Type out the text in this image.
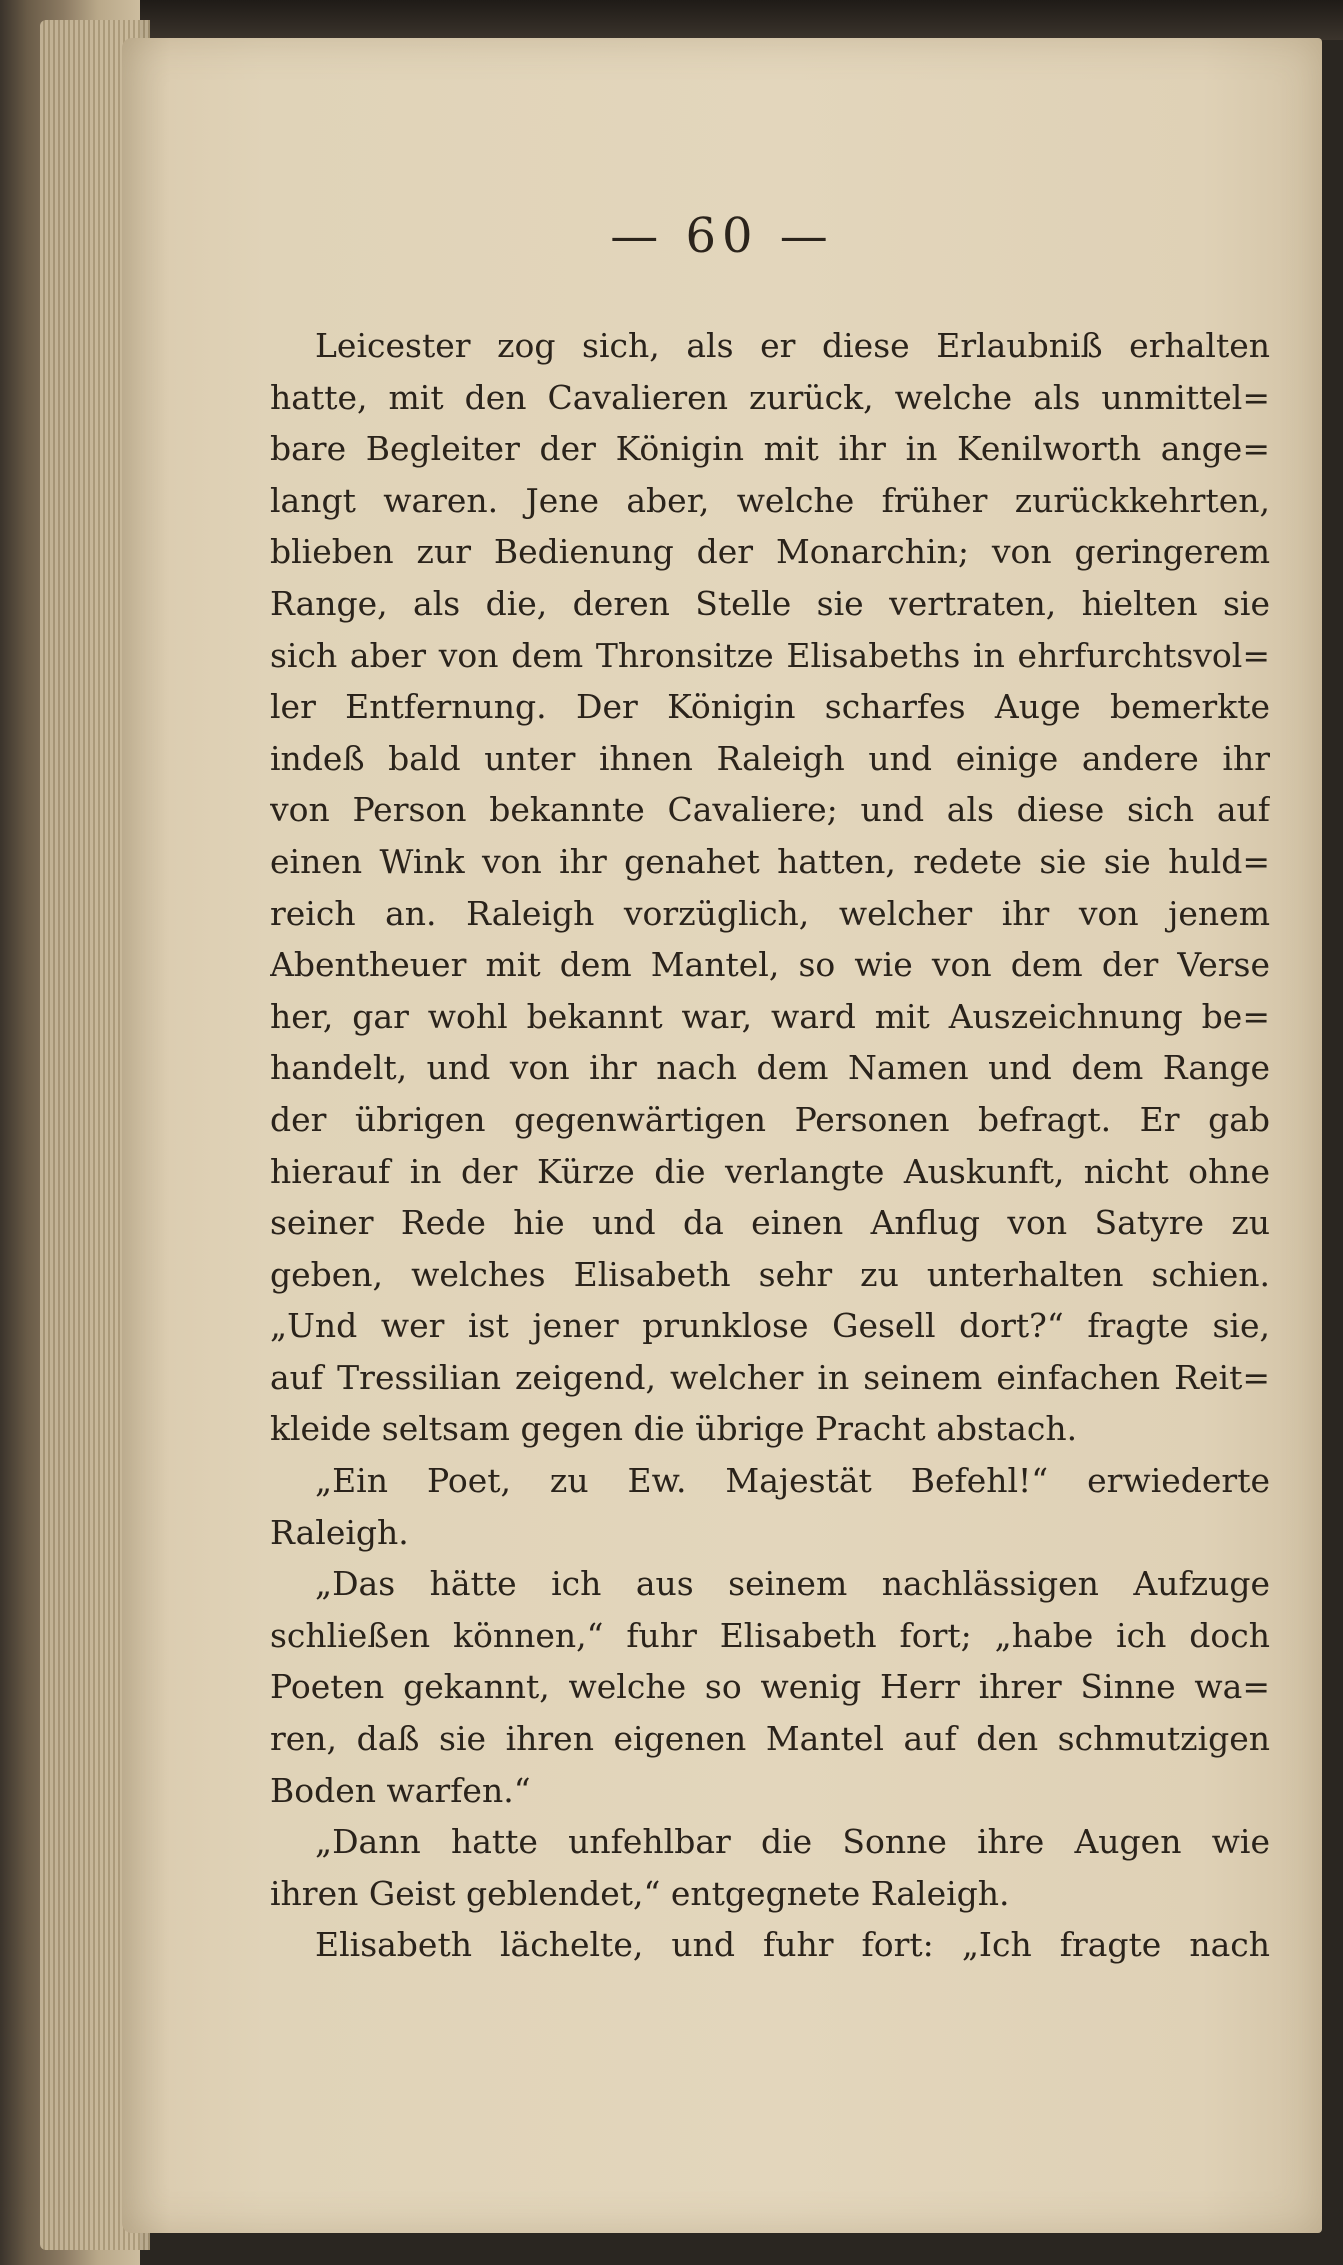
— 60 —
Leicester zog sich, als er diese Erlaubniß erhalten
hatte, mit den Cavalieren zurück, welche als unmittel=
bare Begleiter der Königin mit ihr in Kenilworth ange=
langt waren. Jene aber, welche früher zurückkehrten,
blieben zur Bedienung der Monarchin; von geringerem
Range, als die, deren Stelle sie vertraten, hielten sie
sich aber von dem Thronsitze Elisabeths in ehrfurchtsvol=
ler Entfernung. Der Königin scharfes Auge bemerkte
indeß bald unter ihnen Raleigh und einige andere ihr
von Person bekannte Cavaliere; und als diese sich auf
einen Wink von ihr genahet hatten, redete sie sie huld=
reich an. Raleigh vorzüglich, welcher ihr von jenem
Abentheuer mit dem Mantel, so wie von dem der Verse
her, gar wohl bekannt war, ward mit Auszeichnung be=
handelt, und von ihr nach dem Namen und dem Range
der übrigen gegenwärtigen Personen befragt. Er gab
hierauf in der Kürze die verlangte Auskunft, nicht ohne
seiner Rede hie und da einen Anflug von Satyre zu
geben, welches Elisabeth sehr zu unterhalten schien.
„Und wer ist jener prunklose Gesell dort?“ fragte sie,
auf Tressilian zeigend, welcher in seinem einfachen Reit=
kleide seltsam gegen die übrige Pracht abstach.
„Ein Poet, zu Ew. Majestät Befehl!“ erwiederte
Raleigh.
„Das hätte ich aus seinem nachlässigen Aufzuge
schließen können,“ fuhr Elisabeth fort; „habe ich doch
Poeten gekannt, welche so wenig Herr ihrer Sinne wa=
ren, daß sie ihren eigenen Mantel auf den schmutzigen
Boden warfen.“
„Dann hatte unfehlbar die Sonne ihre Augen wie
ihren Geist geblendet,“ entgegnete Raleigh.
Elisabeth lächelte, und fuhr fort: „Ich fragte nach
